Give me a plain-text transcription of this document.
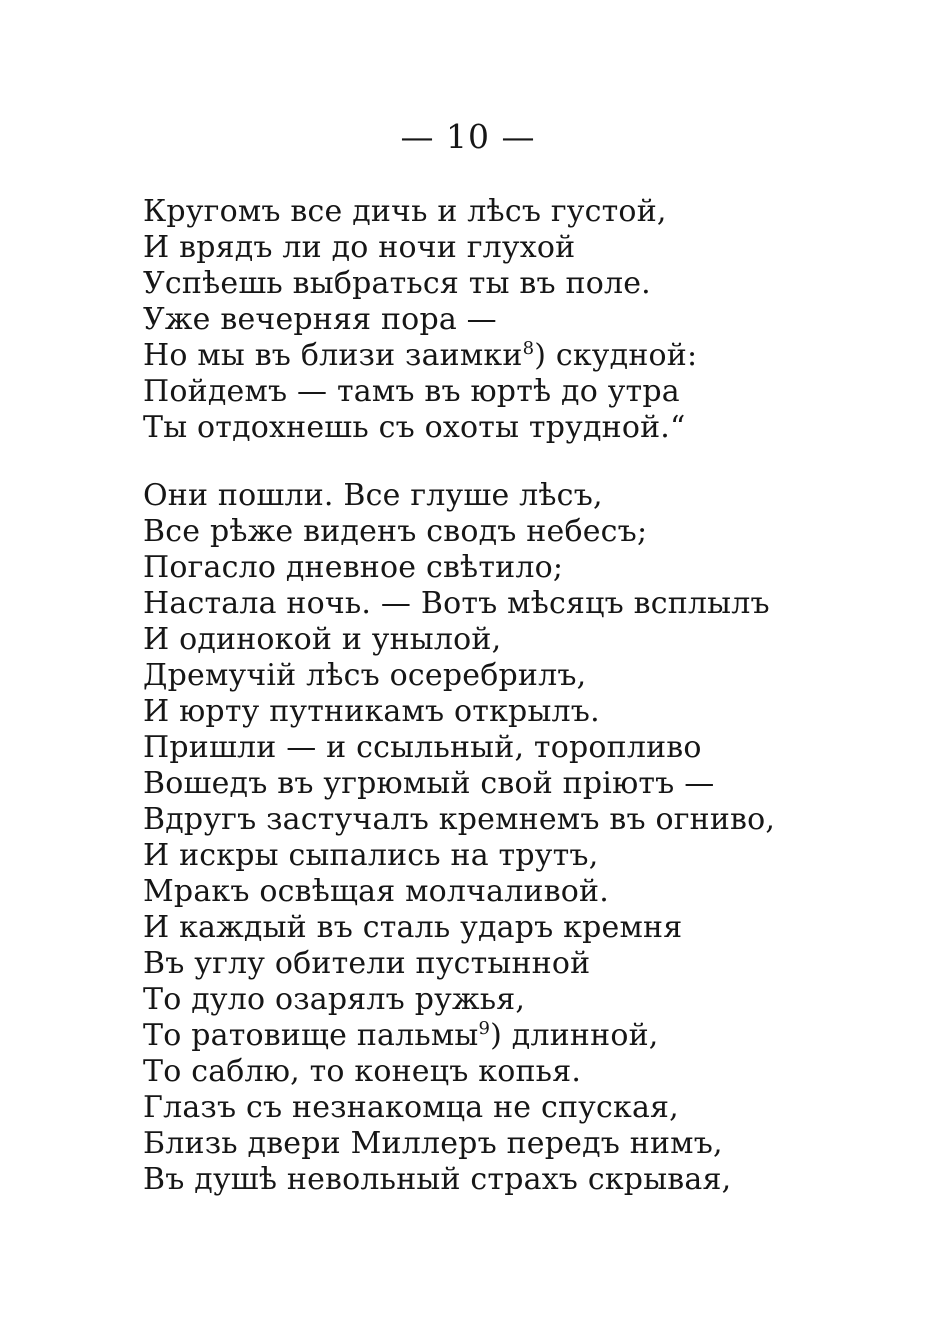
— 10 —
Кругомъ все дичь и лѣсъ густой,
И врядъ ли до ночи глухой
Успѣешь выбраться ты въ поле.
Уже вечерняя пора —
Но мы въ близи заимки$^8$) скудной:
Пойдемъ — тамъ въ юртѣ до утра
Ты отдохнешь съ охоты трудной.“
Они пошли. Все глуше лѣсъ,
Все рѣже виденъ сводъ небесъ;
Погасло дневное свѣтило;
Настала ночь. — Вотъ мѣсяцъ всплылъ
И одинокой и унылой,
Дремучій лѣсъ осеребрилъ,
И юрту путникамъ открылъ.
Пришли — и ссыльный, торопливо
Вошедъ въ угрюмый свой пріютъ —
Вдругъ застучалъ кремнемъ въ огниво,
И искры сыпались на трутъ,
Мракъ освѣщая молчаливой.
И каждый въ сталь ударъ кремня
Въ углу обители пустынной
То дуло озарялъ ружья,
То ратовище пальмы$^9$) длинной,
То саблю, то конецъ копья.
Глазъ съ незнакомца не спуская,
Близь двери Миллеръ передъ нимъ,
Въ душѣ невольный страхъ скрывая,
